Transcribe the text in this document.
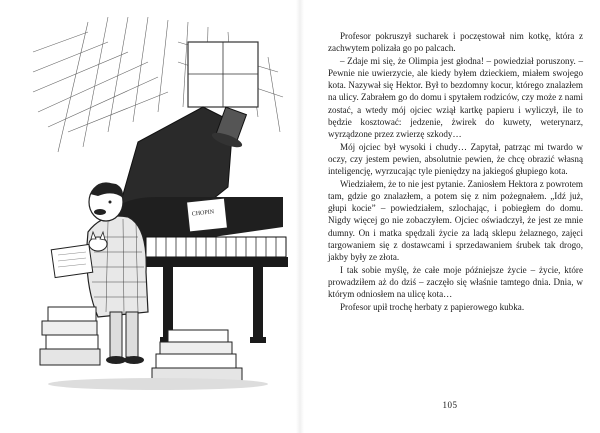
CHOPIN

Profesor pokruszył sucharek i poczęstował nim kotkę, która z zachwytem polizała go po palcach.

– Zdaje mi się, że Olimpia jest głodna! – powiedział poruszony. – Pewnie nie uwierzycie, ale kiedy byłem dzieckiem, miałem swojego kota. Nazywał się Hektor. Był to bezdomny kocur, którego znalazłem na ulicy. Zabrałem go do domu i spytałem rodziców, czy może z nami zostać, a wtedy mój ojciec wziął kartkę papieru i wyliczył, ile to będzie kosztować: jedzenie, żwirek do kuwety, weterynarz, wyrządzone przez zwierzę szkody…

Mój ojciec był wysoki i chudy… Zapytał, patrząc mi twardo w oczy, czy jestem pewien, absolutnie pewien, że chcę obrazić własną inteligencję, wyrzucając tyle pieniędzy na jakiegoś głupiego kota.

Wiedziałem, że to nie jest pytanie. Zaniosłem Hektora z powrotem tam, gdzie go znalazłem, a potem się z nim pożegnałem. „Idź już, głupi kocie” – powiedziałem, szlochając, i pobiegłem do domu. Nigdy więcej go nie zobaczyłem. Ojciec oświadczył, że jest ze mnie dumny. On i matka spędzali życie za ladą sklepu żelaznego, zajęci targowaniem się z dostawcami i sprzedawaniem śrubek tak drogo, jakby były ze złota.

I tak sobie myślę, że całe moje późniejsze życie – życie, które prowadziłem aż do dziś – zaczęło się właśnie tamtego dnia. Dnia, w którym odniosłem na ulicę kota…

Profesor upił trochę herbaty z papierowego kubka.

105
